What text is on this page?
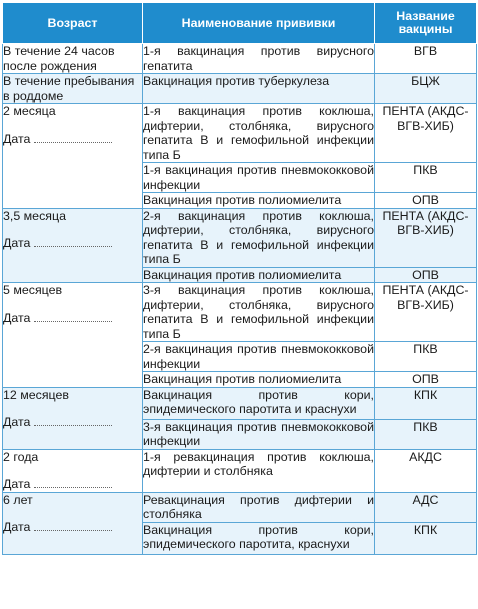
Возраст	Наименование прививки	Название вакцины

В течение 24 часов после рождения	1-я вакцинация против вирусного гепатита	ВГВ

В течение пребывания в роддоме	Вакцинация против туберкулеза	БЦЖ

2 месяца
Дата	1-я вакцинация против коклюша, дифтерии, столбняка, вирусного гепатита В и гемофильной инфекции типа Б	ПЕНТА (АКДС-ВГВ-ХИБ)
	1-я вакцинация против пневмококковой инфекции	ПКВ
	Вакцинация против полиомиелита	ОПВ

3,5 месяца
Дата	2-я вакцинация против коклюша, дифтерии, столбняка, вирусного гепатита В и гемофильной инфекции типа Б	ПЕНТА (АКДС-ВГВ-ХИБ)
	Вакцинация против полиомиелита	ОПВ

5 месяцев
Дата	3-я вакцинация против коклюша, дифтерии, столбняка, вирусного гепатита В и гемофильной инфекции типа Б	ПЕНТА (АКДС-ВГВ-ХИБ)
	2-я вакцинация против пневмококковой инфекции	ПКВ
	Вакцинация против полиомиелита	ОПВ

12 месяцев
Дата	Вакцинация против кори, эпидемического паротита и краснухи	КПК
	3-я вакцинация против пневмококковой инфекции	ПКВ

2 года
Дата	1-я ревакцинация против коклюша, дифтерии и столбняка	АКДС

6 лет
Дата	Ревакцинация против дифтерии и столбняка	АДС
	Вакцинация против кори, эпидемического паротита, краснухи	КПК
